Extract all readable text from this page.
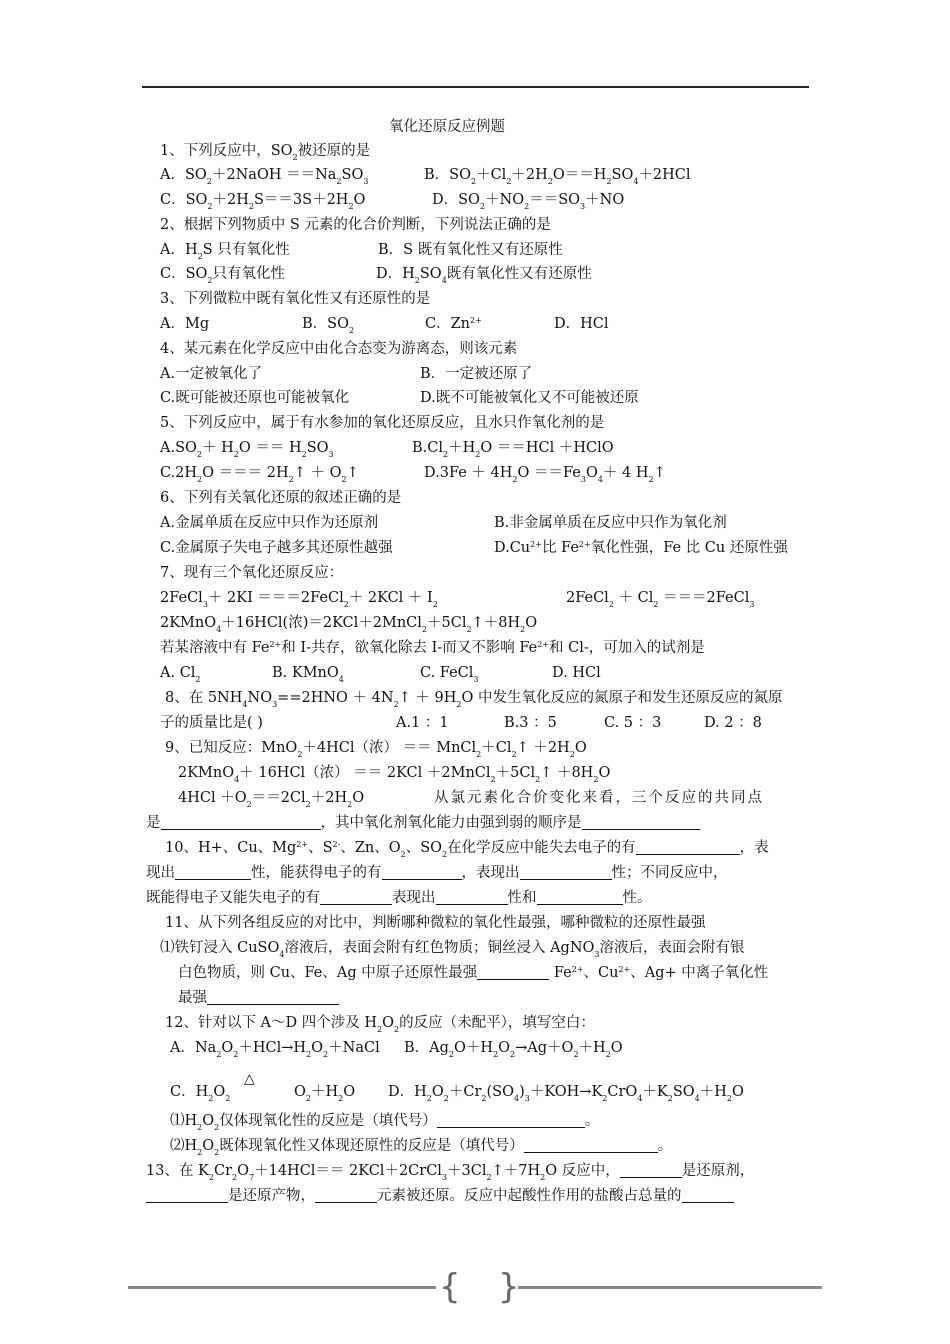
氧化还原反应例题
1、下列反应中，$SO_2$被还原的是
A．$SO_2+2NaOH ==Na_2SO_3$	B．$SO_2+Cl_2+2H_2O==H_2SO_4+2HCl$
C．$SO_2+2H_2S==3S+2H_2O$	D．$SO_2+NO_2==SO_3+NO$
2、根据下列物质中 S 元素的化合价判断，下列说法正确的是
A．$H_2S$ 只有氧化性	B．S 既有氧化性又有还原性
C．$SO_2$只有氧化性	D．$H_2SO_4$既有氧化性又有还原性
3、下列微粒中既有氧化性又有还原性的是
A．Mg	B．$SO_2$	C．$Zn^{2+}$	D．HCl
4、某元素在化学反应中由化合态变为游离态，则该元素
A.一定被氧化了	B．一定被还原了
C.既可能被还原也可能被氧化	D.既不可能被氧化又不可能被还原
5、下列反应中，属于有水参加的氧化还原反应，且水只作氧化剂的是
$A.SO_2+ H_2O == H_2SO_3$	$B.Cl_2+H_2O ==HCl$ ＋HClO
$C.2H_2O$ ＝＝＝ $2H_2↑$ ＋ $O_2↑$	$D.3Fe + 4H_2O ==Fe_3O_4+ 4$ $H_2↑$
6、下列有关氧化还原的叙述正确的是
A.金属单质在反应中只作为还原剂	B.非金属单质在反应中只作为氧化剂
C.金属原子失电子越多其还原性越强	$D.Cu^{2+}$比 $Fe^{2+}$氧化性强，Fe 比 Cu 还原性强
7、现有三个氧化还原反应：
2FeCl$_3$＋ 2KI ＝＝＝2FeCl$_2$＋ $2KCl + I_2$	2FeCl$_2$ ＋ $Cl_2$ ＝＝＝2FeCl$_3$
2KMnO$_4$＋16HCl(浓)$=2KCl+2MnCl_2+5Cl_2↑+8H_2O$
若某溶液中有 $Fe^{2+}$和 I-共存，欲氧化除去 I-而又不影响 $Fe^{2+}$和 Cl-，可加入的试剂是
A. $Cl_2$	B. KMnO$_4$	C. FeCl$_3$	D. HCl
8、在 $5NH_4NO_3==2HNO$ ＋ $4N_2↑ + 9H_2O$ 中发生氧化反应的氮原子和发生还原反应的氮原
子的质量比是( )	A.1 ：1	B.3 ：5	C. 5 ：3	D. 2 ：8
9、已知反应：MnO$_2$＋4HCl（浓） ＝＝ $MnCl_2+Cl_2↑ +2H_2O$
2KMnO$_4$＋ 16HCl（浓） ＝＝ $2KCl +2MnCl_2+5Cl_2↑ +8H_2O$
$4HCl +O_2==2Cl_2+2H_2O$	从氯元素化合价变化来看，三个反应的共同点
是	，其中氧化剂氧化能力由强到弱的顺序是
10、H+、Cu、$Mg^{2+}$、$S^{2-}$、Zn、$O_2$、$SO_2$在化学反应中能失去电子的有	，表
现出	性，能获得电子的有	，表现出	性；不同反应中，
既能得电子又能失电子的有	表现出	性和	性。
11、从下列各组反应的对比中，判断哪种微粒的氧化性最强，哪种微粒的还原性最强
⑴铁钉浸入 CuSO$_4$溶液后，表面会附有红色物质；铜丝浸入 AgNO$_3$溶液后，表面会附有银
白色物质，则 Cu、Fe、Ag 中原子还原性最强	$Fe^{2+}$、$Cu^{2+}$、Ag+ 中离子氧化性
最强
12、针对以下 A～D 四个涉及 $H_2O_2$的反应（未配平），填写空白：
A．$Na_2O_2+HCl\to H_2O_2+NaCl$ B．$Ag_2O+H_2O_2\to Ag+O_2+H_2O$
△
C．$H_2O_2$	$O_2+H_2O$ D．$H_2O_2+Cr_2(SO_4)_3+KOH\to K_2CrO_4+K_2SO_4+H_2O$
$⑴H_2O_2$仅体现氧化性的反应是（填代号）	。
$⑵H_2O_2$既体现氧化性又体现还原性的反应是（填代号）	。
13、在 $K_2Cr_2O_7+14HCl==$ $2KCl+2CrCl_3+3Cl_2↑+7H_2O$ 反应中，	是还原剂，
是还原产物，	元素被还原。反应中起酸性作用的盐酸占总量的
{ }
